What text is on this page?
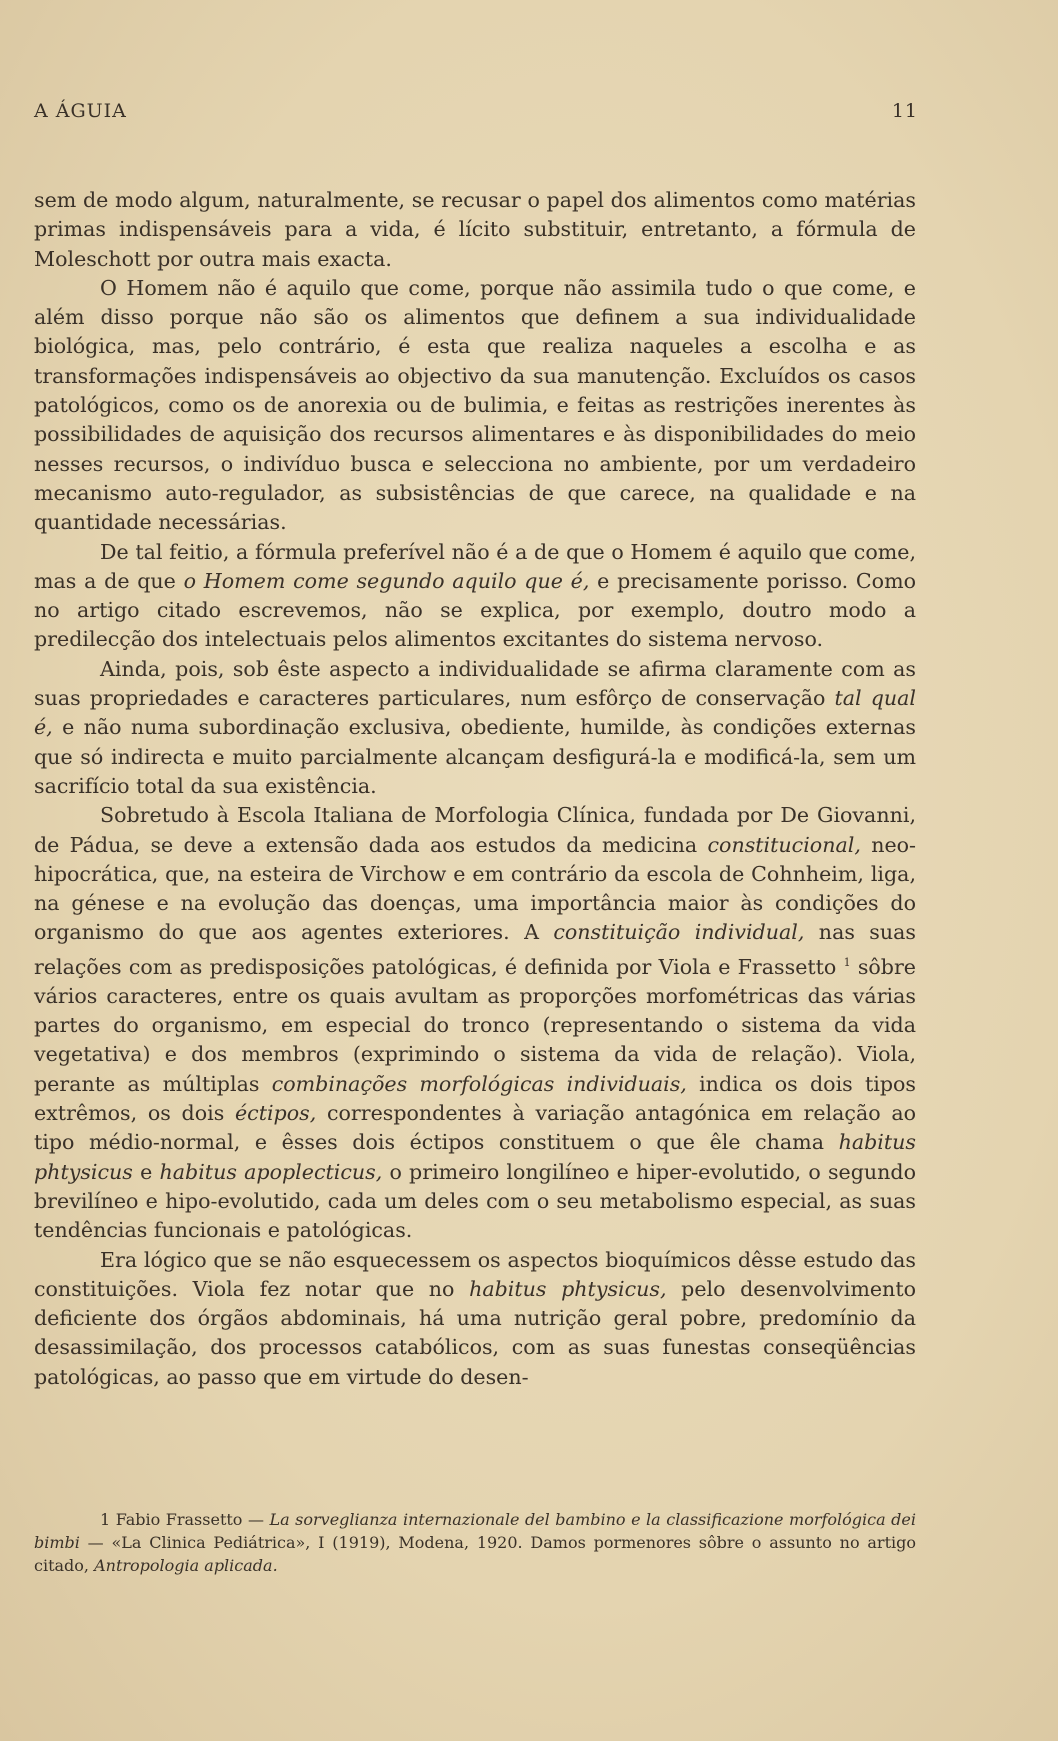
A ÁGUIA	11

sem de modo algum, naturalmente, se recusar o papel dos alimentos como matérias primas indispensáveis para a vida, é lícito substituir, entretanto, a fórmula de Moleschott por outra mais exacta.

O Homem não é aquilo que come, porque não assimila tudo o que come, e além disso porque não são os alimentos que definem a sua individualidade biológica, mas, pelo contrário, é esta que realiza naqueles a escolha e as transformações indispensáveis ao objectivo da sua manutenção. Excluídos os casos patológicos, como os de anorexia ou de bulimia, e feitas as restrições inerentes às possibilidades de aquisição dos recursos alimentares e às disponibilidades do meio nesses recursos, o indivíduo busca e selecciona no ambiente, por um verdadeiro mecanismo auto-regulador, as subsistências de que carece, na qualidade e na quantidade necessárias.

De tal feitio, a fórmula preferível não é a de que o Homem é aquilo que come, mas a de que o Homem come segundo aquilo que é, e precisamente porisso. Como no artigo citado escrevemos, não se explica, por exemplo, doutro modo a predilecção dos intelectuais pelos alimentos excitantes do sistema nervoso.

Ainda, pois, sob êste aspecto a individualidade se afirma claramente com as suas propriedades e caracteres particulares, num esfôrço de conservação tal qual é, e não numa subordinação exclusiva, obediente, humilde, às condições externas que só indirecta e muito parcialmente alcançam desfigurá-la e modificá-la, sem um sacrifício total da sua existência.

Sobretudo à Escola Italiana de Morfologia Clínica, fundada por De Giovanni, de Pádua, se deve a extensão dada aos estudos da medicina constitucional, neo-hipocrática, que, na esteira de Virchow e em contrário da escola de Cohnheim, liga, na génese e na evolução das doenças, uma importância maior às condições do organismo do que aos agentes exteriores. A constituição individual, nas suas relações com as predisposições patológicas, é definida por Viola e Frassetto $^1$ sôbre vários caracteres, entre os quais avultam as proporções morfométricas das várias partes do organismo, em especial do tronco (representando o sistema da vida vegetativa) e dos membros (exprimindo o sistema da vida de relação). Viola, perante as múltiplas combinações morfológicas individuais, indica os dois tipos extrêmos, os dois éctipos, correspondentes à variação antagónica em relação ao tipo médio-normal, e êsses dois éctipos constituem o que êle chama habitus phtysicus e habitus apoplecticus, o primeiro longilíneo e hiper-evolutido, o segundo brevilíneo e hipo-evolutido, cada um deles com o seu metabolismo especial, as suas tendências funcionais e patológicas.

Era lógico que se não esquecessem os aspectos bioquímicos dêsse estudo das constituições. Viola fez notar que no habitus phtysicus, pelo desenvolvimento deficiente dos órgãos abdominais, há uma nutrição geral pobre, predomínio da desassimilação, dos processos catabólicos, com as suas funestas conseqüências patológicas, ao passo que em virtude do desen-

1 Fabio Frassetto — La sorveglianza internazionale del bambino e la classificazione morfológica dei bimbi — «La Clinica Pediátrica», I (1919), Modena, 1920. Damos pormenores sôbre o assunto no artigo citado, Antropologia aplicada.
